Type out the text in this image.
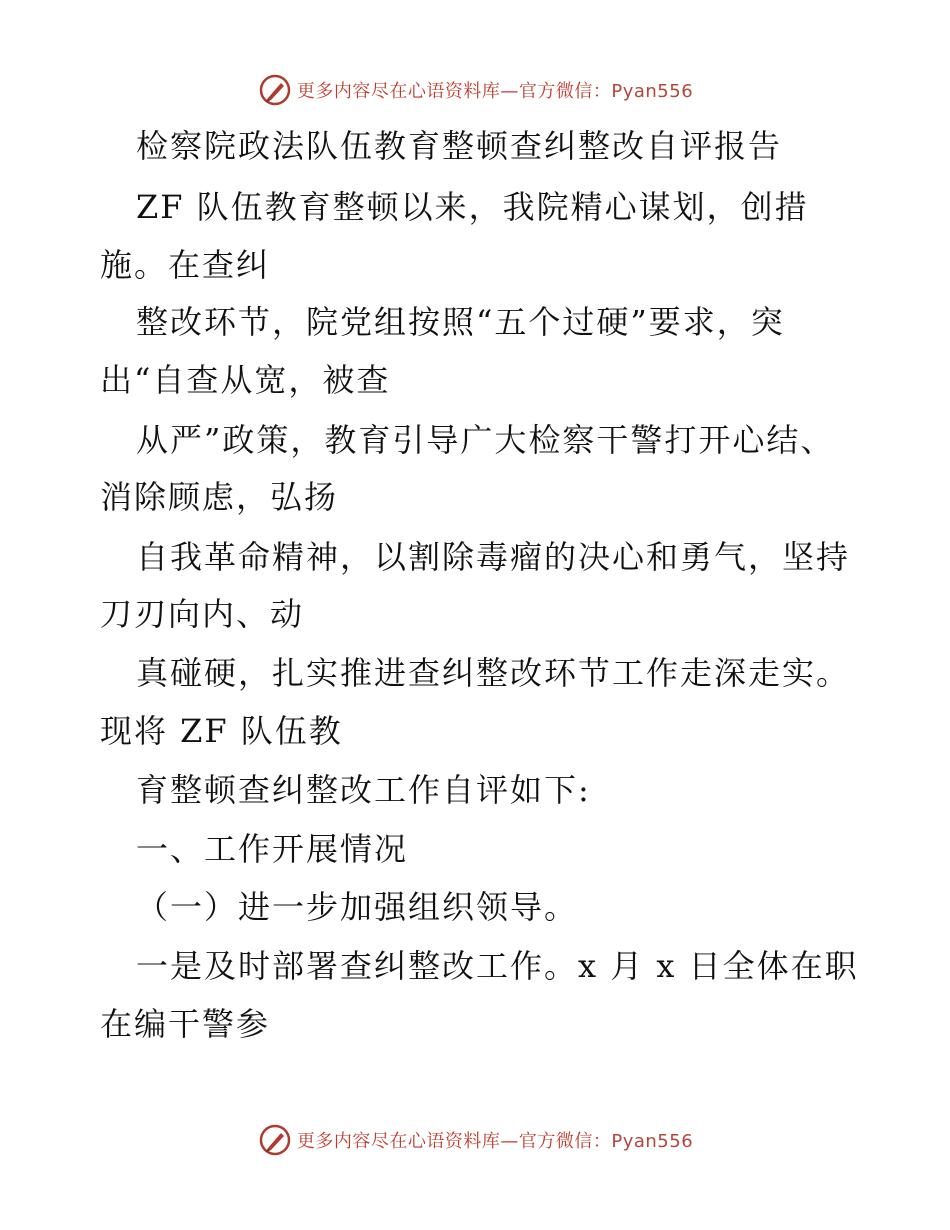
更多内容尽在心语资料库—官方微信：Pyan556
检察院政法队伍教育整顿查纠整改自评报告
ZF 队伍教育整顿以来，我院精心谋划，创措
施。在查纠
整改环节，院党组按照“五个过硬”要求，突
出“自查从宽，被查
从严”政策，教育引导广大检察干警打开心结、
消除顾虑，弘扬
自我革命精神，以割除毒瘤的决心和勇气，坚持
刀刃向内、动
真碰硬，扎实推进查纠整改环节工作走深走实。
现将 ZF 队伍教
育整顿查纠整改工作自评如下:
一、工作开展情况
（一）进一步加强组织领导。
一是及时部署查纠整改工作。x 月 x 日全体在职
在编干警参
更多内容尽在心语资料库—官方微信：Pyan556
